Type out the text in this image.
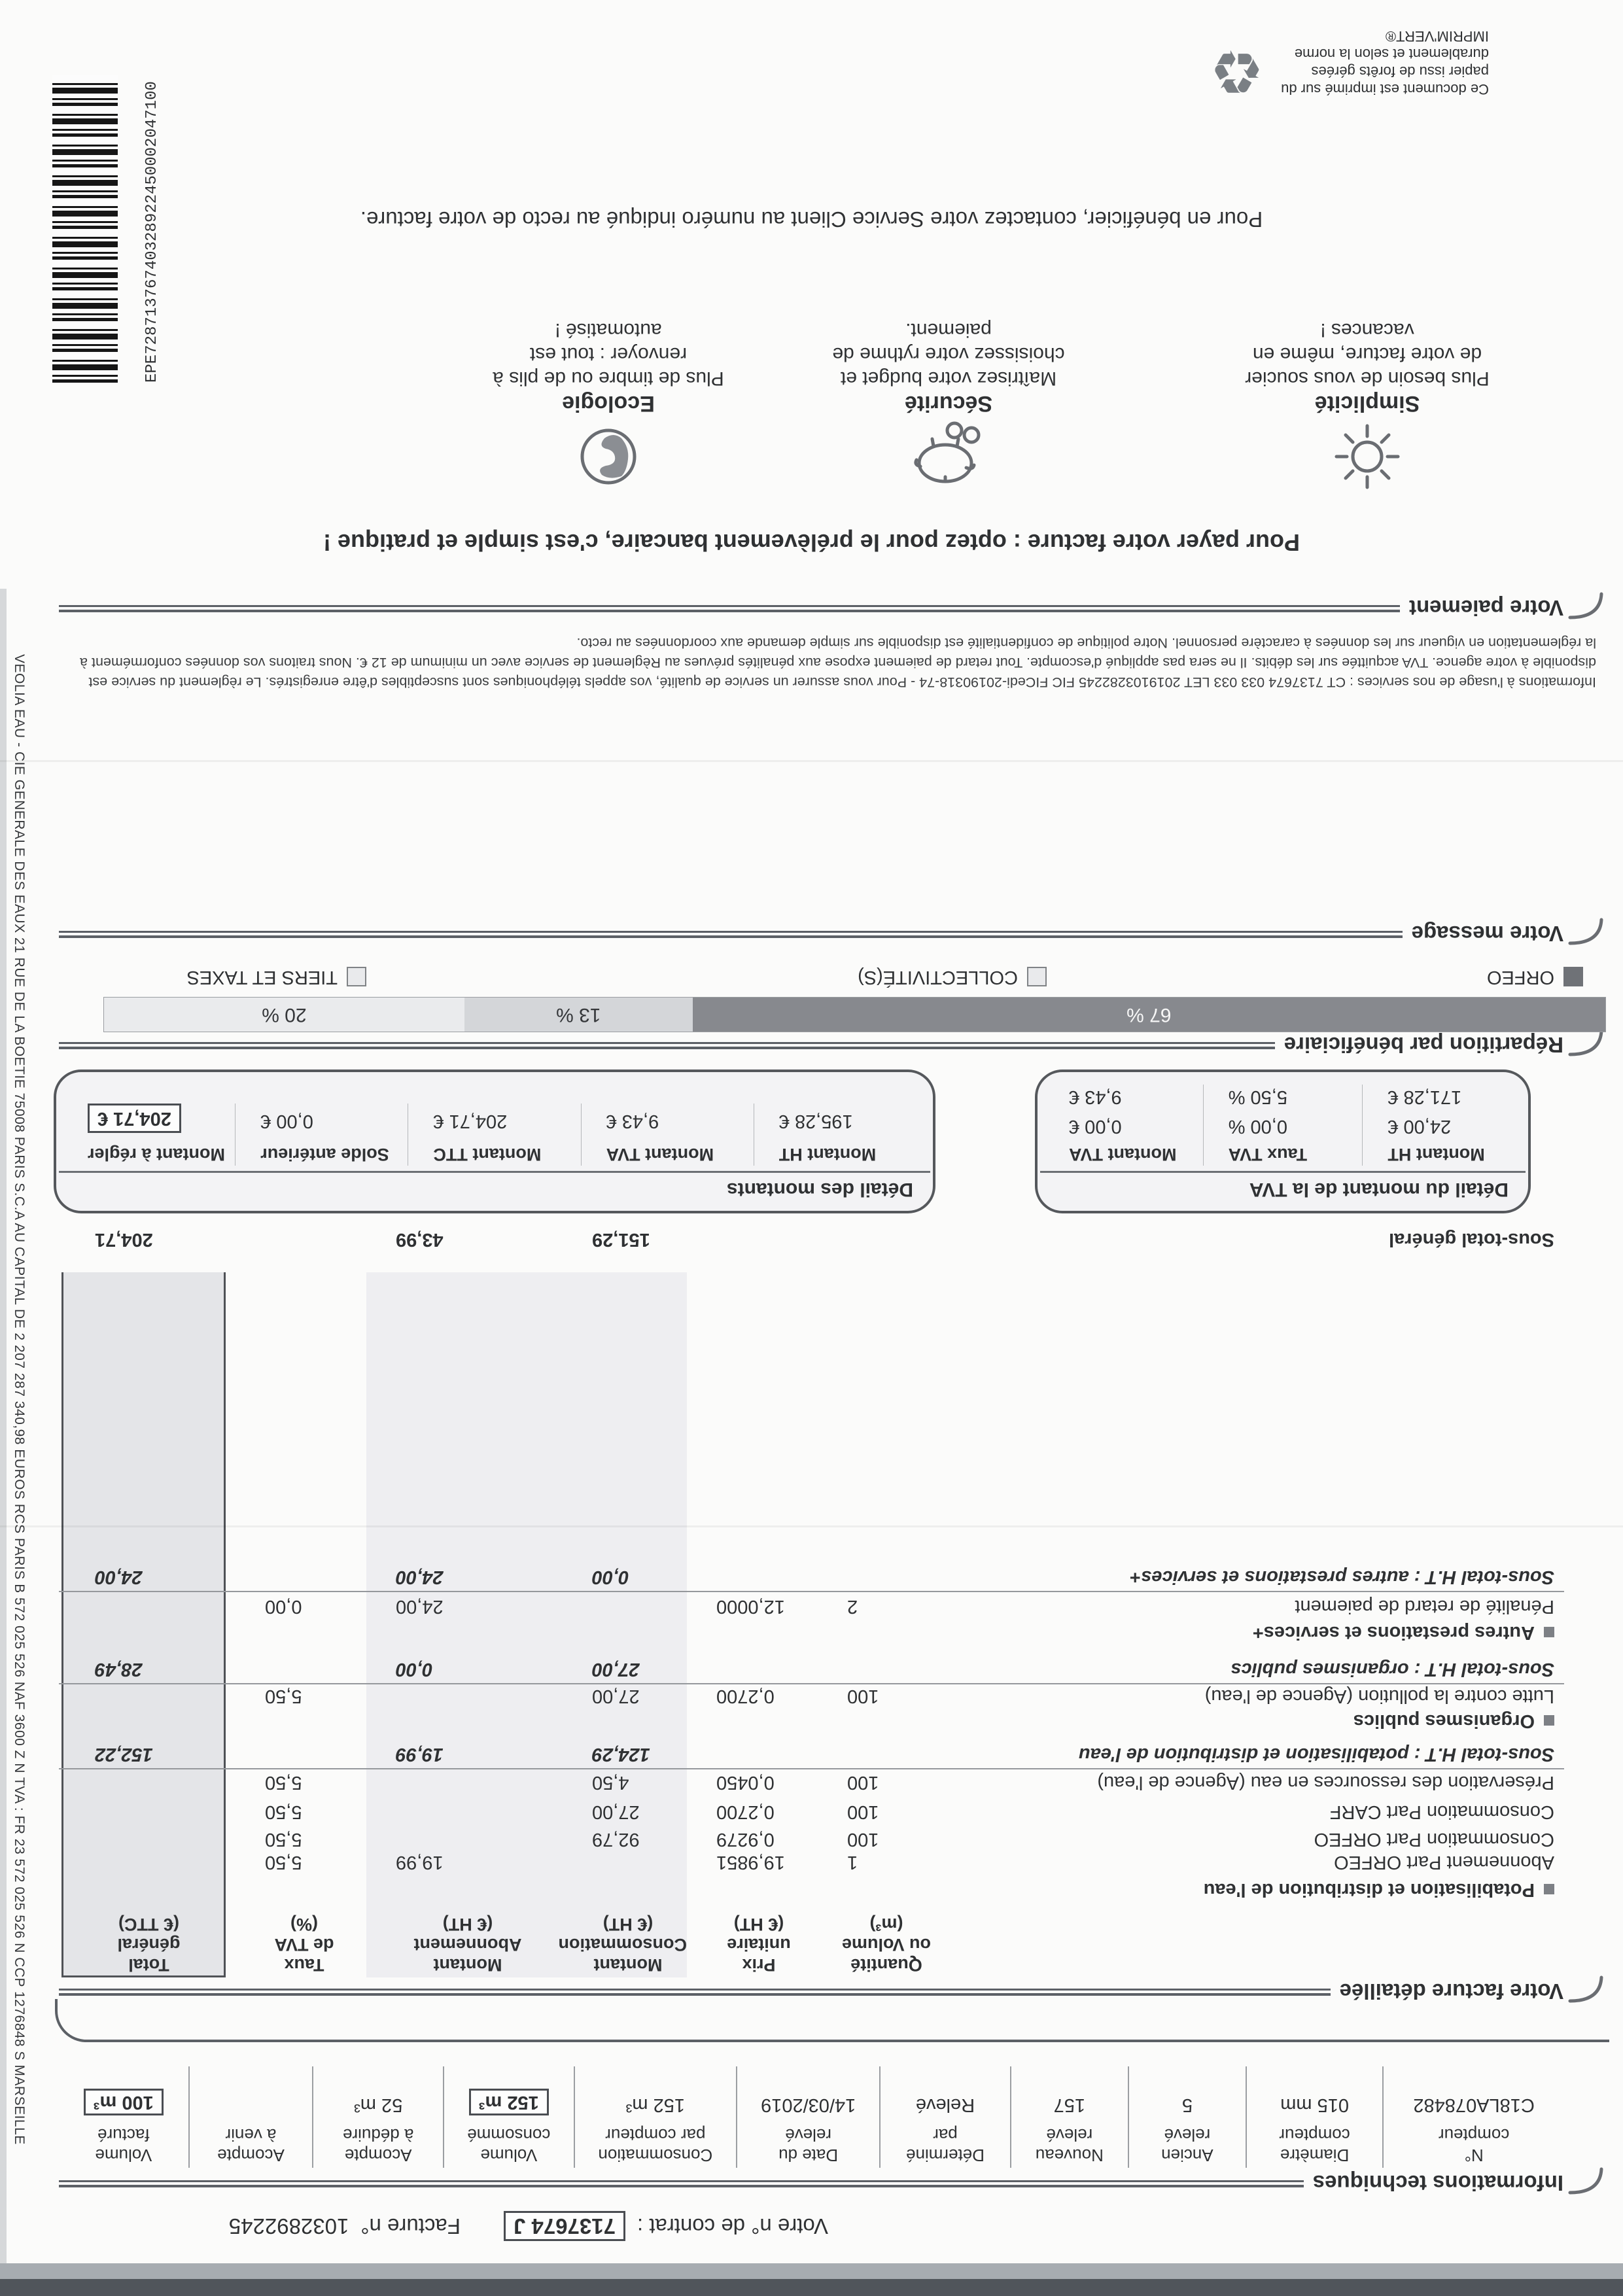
Votre n° de contrat :
7137674 J
Facture n°
1032892245
Informations techniques
N°
compteur
C18LA078482
Diamètre
compteur
015 mm
Ancien
relevé
5
Nouveau
relevé
157
Déterminé
par
Relevé
Date du
relevé
14/03/2019
Consommation
par compteur
152 m³
Volume
consommé
152 m³
Acompte
à déduire
52 m³
Acompte
à venir
Volume
facturé
100 m³
Votre facture détaillée
Quantité
ou Volume
(m³)
Prix
unitaire
(€ HT)
Montant
Consommation
(€ HT)
Montant
Abonnement
(€ HT)
Taux
de TVA
(%)
Total
général
(€ TTC)
Potabilisation et distribution de l'eau
Abonnement Part ORFEO
1
19,9851
19,99
5,50
Consommation Part ORFEO
100
0,9279
92,79
5,50
Consommation Part CARF
100
0,2700
27,00
5,50
Préservation des ressources en eau (Agence de l'eau)
100
0,0450
4,50
5,50
Sous-total H.T : potabilisation et distribution de l'eau
124,29
19,99
152,22
Organismes publics
Lutte contre la pollution (Agence de l'eau)
100
0,2700
27,00
5,50
Sous-total H.T : organismes publics
27,00
0,00
28,49
Autres prestations et services+
Pénalité de retard de paiement
2
12,0000
24,00
0,00
Sous-total H.T : autres prestations et services+
0,00
24,00
24,00
Sous-total général
151,29
43,99
204,71
Détail du montant de la TVA
Montant HT
24,00 €
171,28 €
Taux TVA
0,00 %
5,50 %
Montant TVA
0,00 €
9,43 €
Détail des montants
Montant HT
195,28 €
Montant TVA
9,43 €
Montant TTC
204,71 €
Solde antérieur
0,00 €
Montant à régler
204,71 €
Répartition par bénéficiaire
67 %
13 %
20 %
ORFEO
COLLECTIVITÉ(S)
TIERS ET TAXES
Votre message
Informations à l'usage de nos services : CT 7137674 033 033 LET 2019103282245 FIC FICedi-20190318-74 - Pour vous assurer un service de qualité, vos appels téléphoniques sont susceptibles d'être enregistrés. Le règlement du service est
disponible à votre agence. TVA acquittée sur les débits. Il ne sera pas appliqué d'escompte. Tout retard de paiement expose aux pénalités prévues au Règlement de service avec un minimum de 12 €. Nous traitons vos données conformément à
la réglementation en vigueur sur les données à caractère personnel. Notre politique de confidentialité est disponible sur simple demande aux coordonnées au recto.
Votre paiement
Pour payer votre facture : optez pour le prélèvement bancaire, c'est simple et pratique !
Simplicité
Plus besoin de vous soucier
de votre facture, même en
vacances !
Sécurité
Maîtrisez votre budget et
choisissez votre rythme de
paiement.
Ecologie
Plus de timbre ou de plis à
renvoyer : tout est
automatisé !
Pour en bénéficier, contactez votre Service Client au numéro indiqué au recto de votre facture.
Ce document est imprimé sur du
papier issu de forêts gérées
durablement et selon la norme
IMPRIM'VERT®
♻
EPE72871376740328922450002047100
VEOLIA EAU - CIE GENERALE DES EAUX 21 RUE DE LA BOETIE 75008 PARIS S.C.A AU CAPITAL DE 2 207 287 340,98 EUROS RCS PARIS B 572 025 526 NAF 3600 Z N TVA : FR 23 572 025 526 N CCP 1276848 S MARSEILLE
